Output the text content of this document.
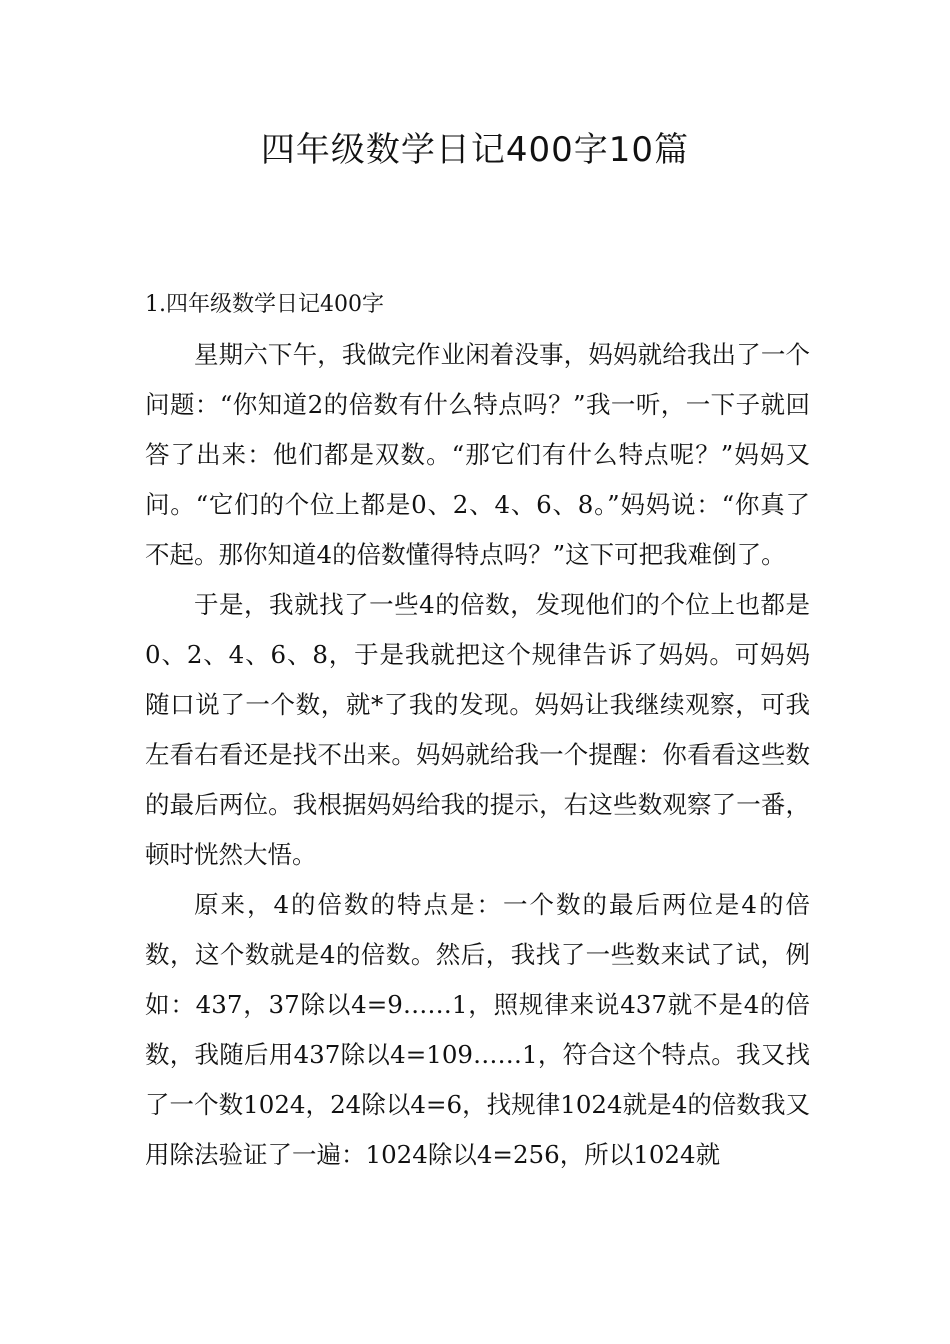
四年级数学日记400字10篇

1.四年级数学日记400字

星期六下午，我做完作业闲着没事，妈妈就给我出了一个问题：“你知道2的倍数有什么特点吗？”我一听，一下子就回答了出来：他们都是双数。“那它们有什么特点呢？”妈妈又问。“它们的个位上都是0、2、4、6、8。”妈妈说：“你真了不起。那你知道4的倍数懂得特点吗？”这下可把我难倒了。

于是，我就找了一些4的倍数，发现他们的个位上也都是0、2、4、6、8，于是我就把这个规律告诉了妈妈。可妈妈随口说了一个数，就*了我的发现。妈妈让我继续观察，可我左看右看还是找不出来。妈妈就给我一个提醒：你看看这些数的最后两位。我根据妈妈给我的提示，右这些数观察了一番，顿时恍然大悟。

原来，4的倍数的特点是：一个数的最后两位是4的倍数，这个数就是4的倍数。然后，我找了一些数来试了试，例如：437，37除以4=9……1，照规律来说437就不是4的倍数，我随后用437除以4=109……1，符合这个特点。我又找了一个数1024，24除以4=6，找规律1024就是4的倍数我又用除法验证了一遍：1024除以4=256，所以1024就
